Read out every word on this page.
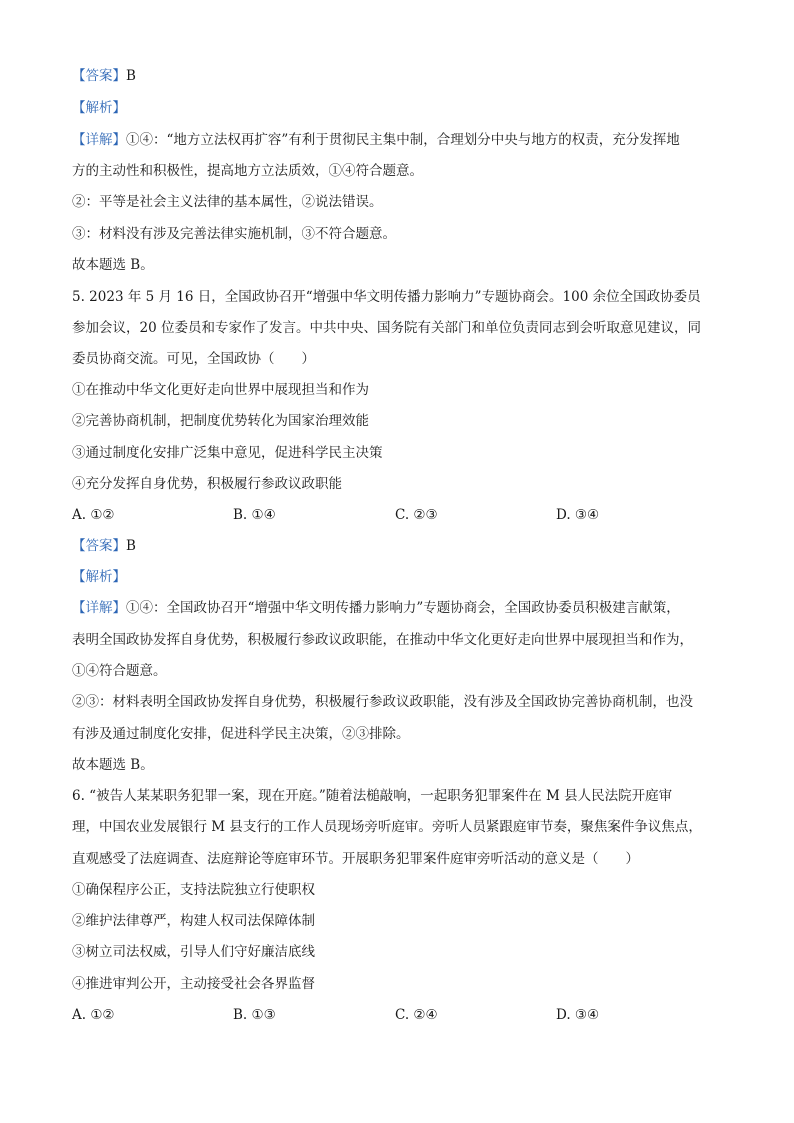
【答案】B
【解析】
【详解】①④：“地方立法权再扩容”有利于贯彻民主集中制，合理划分中央与地方的权责，充分发挥地
方的主动性和积极性，提高地方立法质效，①④符合题意。
②：平等是社会主义法律的基本属性，②说法错误。
③：材料没有涉及完善法律实施机制，③不符合题意。
故本题选 B。
5. 2023 年 5 月 16 日，全国政协召开“增强中华文明传播力影响力”专题协商会。100 余位全国政协委员
参加会议，20 位委员和专家作了发言。中共中央、国务院有关部门和单位负责同志到会听取意见建议，同
委员协商交流。可见，全国政协（　　）
①在推动中华文化更好走向世界中展现担当和作为
②完善协商机制，把制度优势转化为国家治理效能
③通过制度化安排广泛集中意见，促进科学民主决策
④充分发挥自身优势，积极履行参政议政职能
A. ①②	B. ①④	C. ②③	D. ③④
【答案】B
【解析】
【详解】①④：全国政协召开“增强中华文明传播力影响力”专题协商会，全国政协委员积极建言献策，
表明全国政协发挥自身优势，积极履行参政议政职能，在推动中华文化更好走向世界中展现担当和作为，
①④符合题意。
②③：材料表明全国政协发挥自身优势，积极履行参政议政职能，没有涉及全国政协完善协商机制，也没
有涉及通过制度化安排，促进科学民主决策，②③排除。
故本题选 B。
6. “被告人某某职务犯罪一案，现在开庭。”随着法槌敲响，一起职务犯罪案件在 M 县人民法院开庭审
理，中国农业发展银行 M 县支行的工作人员现场旁听庭审。旁听人员紧跟庭审节奏，聚焦案件争议焦点，
直观感受了法庭调查、法庭辩论等庭审环节。开展职务犯罪案件庭审旁听活动的意义是（　　）
①确保程序公正，支持法院独立行使职权
②维护法律尊严，构建人权司法保障体制
③树立司法权威，引导人们守好廉洁底线
④推进审判公开，主动接受社会各界监督
A. ①②	B. ①③	C. ②④	D. ③④
